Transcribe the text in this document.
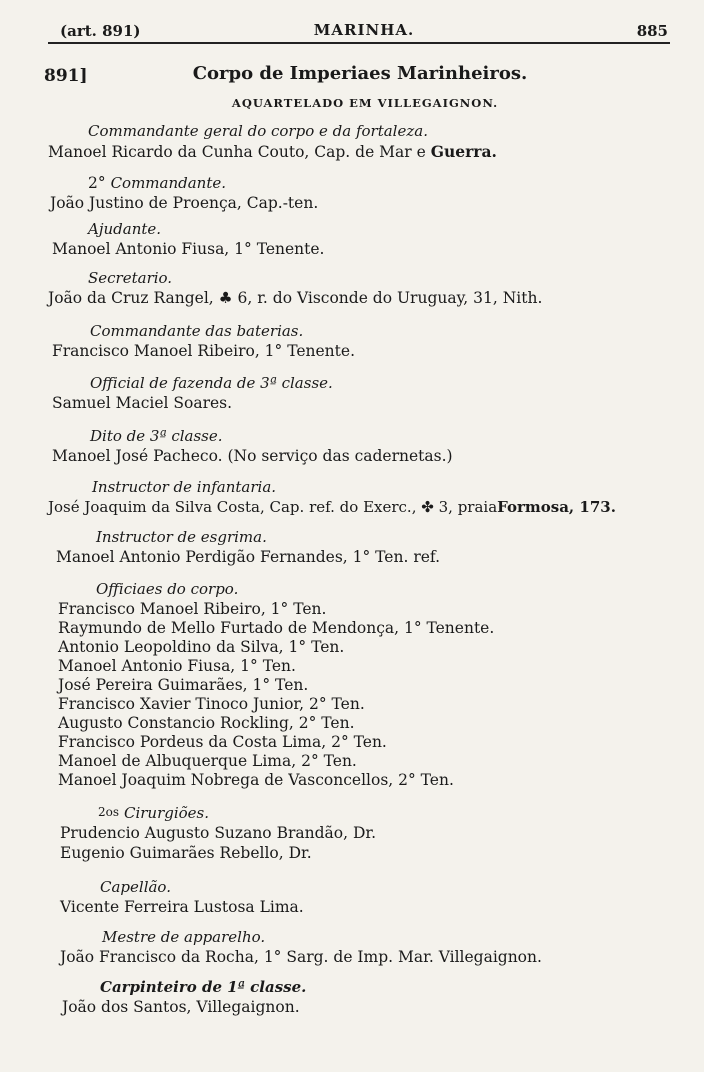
(art. 891)	MARINHA.	885
891]	Corpo de Imperiaes Marinheiros.
AQUARTELADO EM VILLEGAIGNON.
Commandante geral do corpo e da fortaleza.
Manoel Ricardo da Cunha Couto, Cap. de Mar e Guerra.
2° Commandante.
João Justino de Proença, Cap.-ten.
Ajudante.
Manoel Antonio Fiusa, 1° Tenente.
Secretario.
João da Cruz Rangel, ♣ 6, r. do Visconde do Uruguay, 31, Nith.
Commandante das baterias.
Francisco Manoel Ribeiro, 1° Tenente.
Official de fazenda de 3ª classe.
Samuel Maciel Soares.
Dito de 3ª classe.
Manoel José Pacheco. (No serviço das cadernetas.)
Instructor de infantaria.
José Joaquim da Silva Costa, Cap. ref. do Exerc., ✤ 3, praiaFormosa, 173.
Instructor de esgrima.
Manoel Antonio Perdigão Fernandes, 1° Ten. ref.
Officiaes do corpo.
Francisco Manoel Ribeiro, 1° Ten.
Raymundo de Mello Furtado de Mendonça, 1° Tenente.
Antonio Leopoldino da Silva, 1° Ten.
Manoel Antonio Fiusa, 1° Ten.
José Pereira Guimarães, 1° Ten.
Francisco Xavier Tinoco Junior, 2° Ten.
Augusto Constancio Rockling, 2° Ten.
Francisco Pordeus da Costa Lima, 2° Ten.
Manoel de Albuquerque Lima, 2° Ten.
Manoel Joaquim Nobrega de Vasconcellos, 2° Ten.
2os Cirurgiões.
Prudencio Augusto Suzano Brandão, Dr.
Eugenio Guimarães Rebello, Dr.
Capellão.
Vicente Ferreira Lustosa Lima.
Mestre de apparelho.
João Francisco da Rocha, 1° Sarg. de Imp. Mar. Villegaignon.
Carpinteiro de 1ª classe.
João dos Santos, Villegaignon.
